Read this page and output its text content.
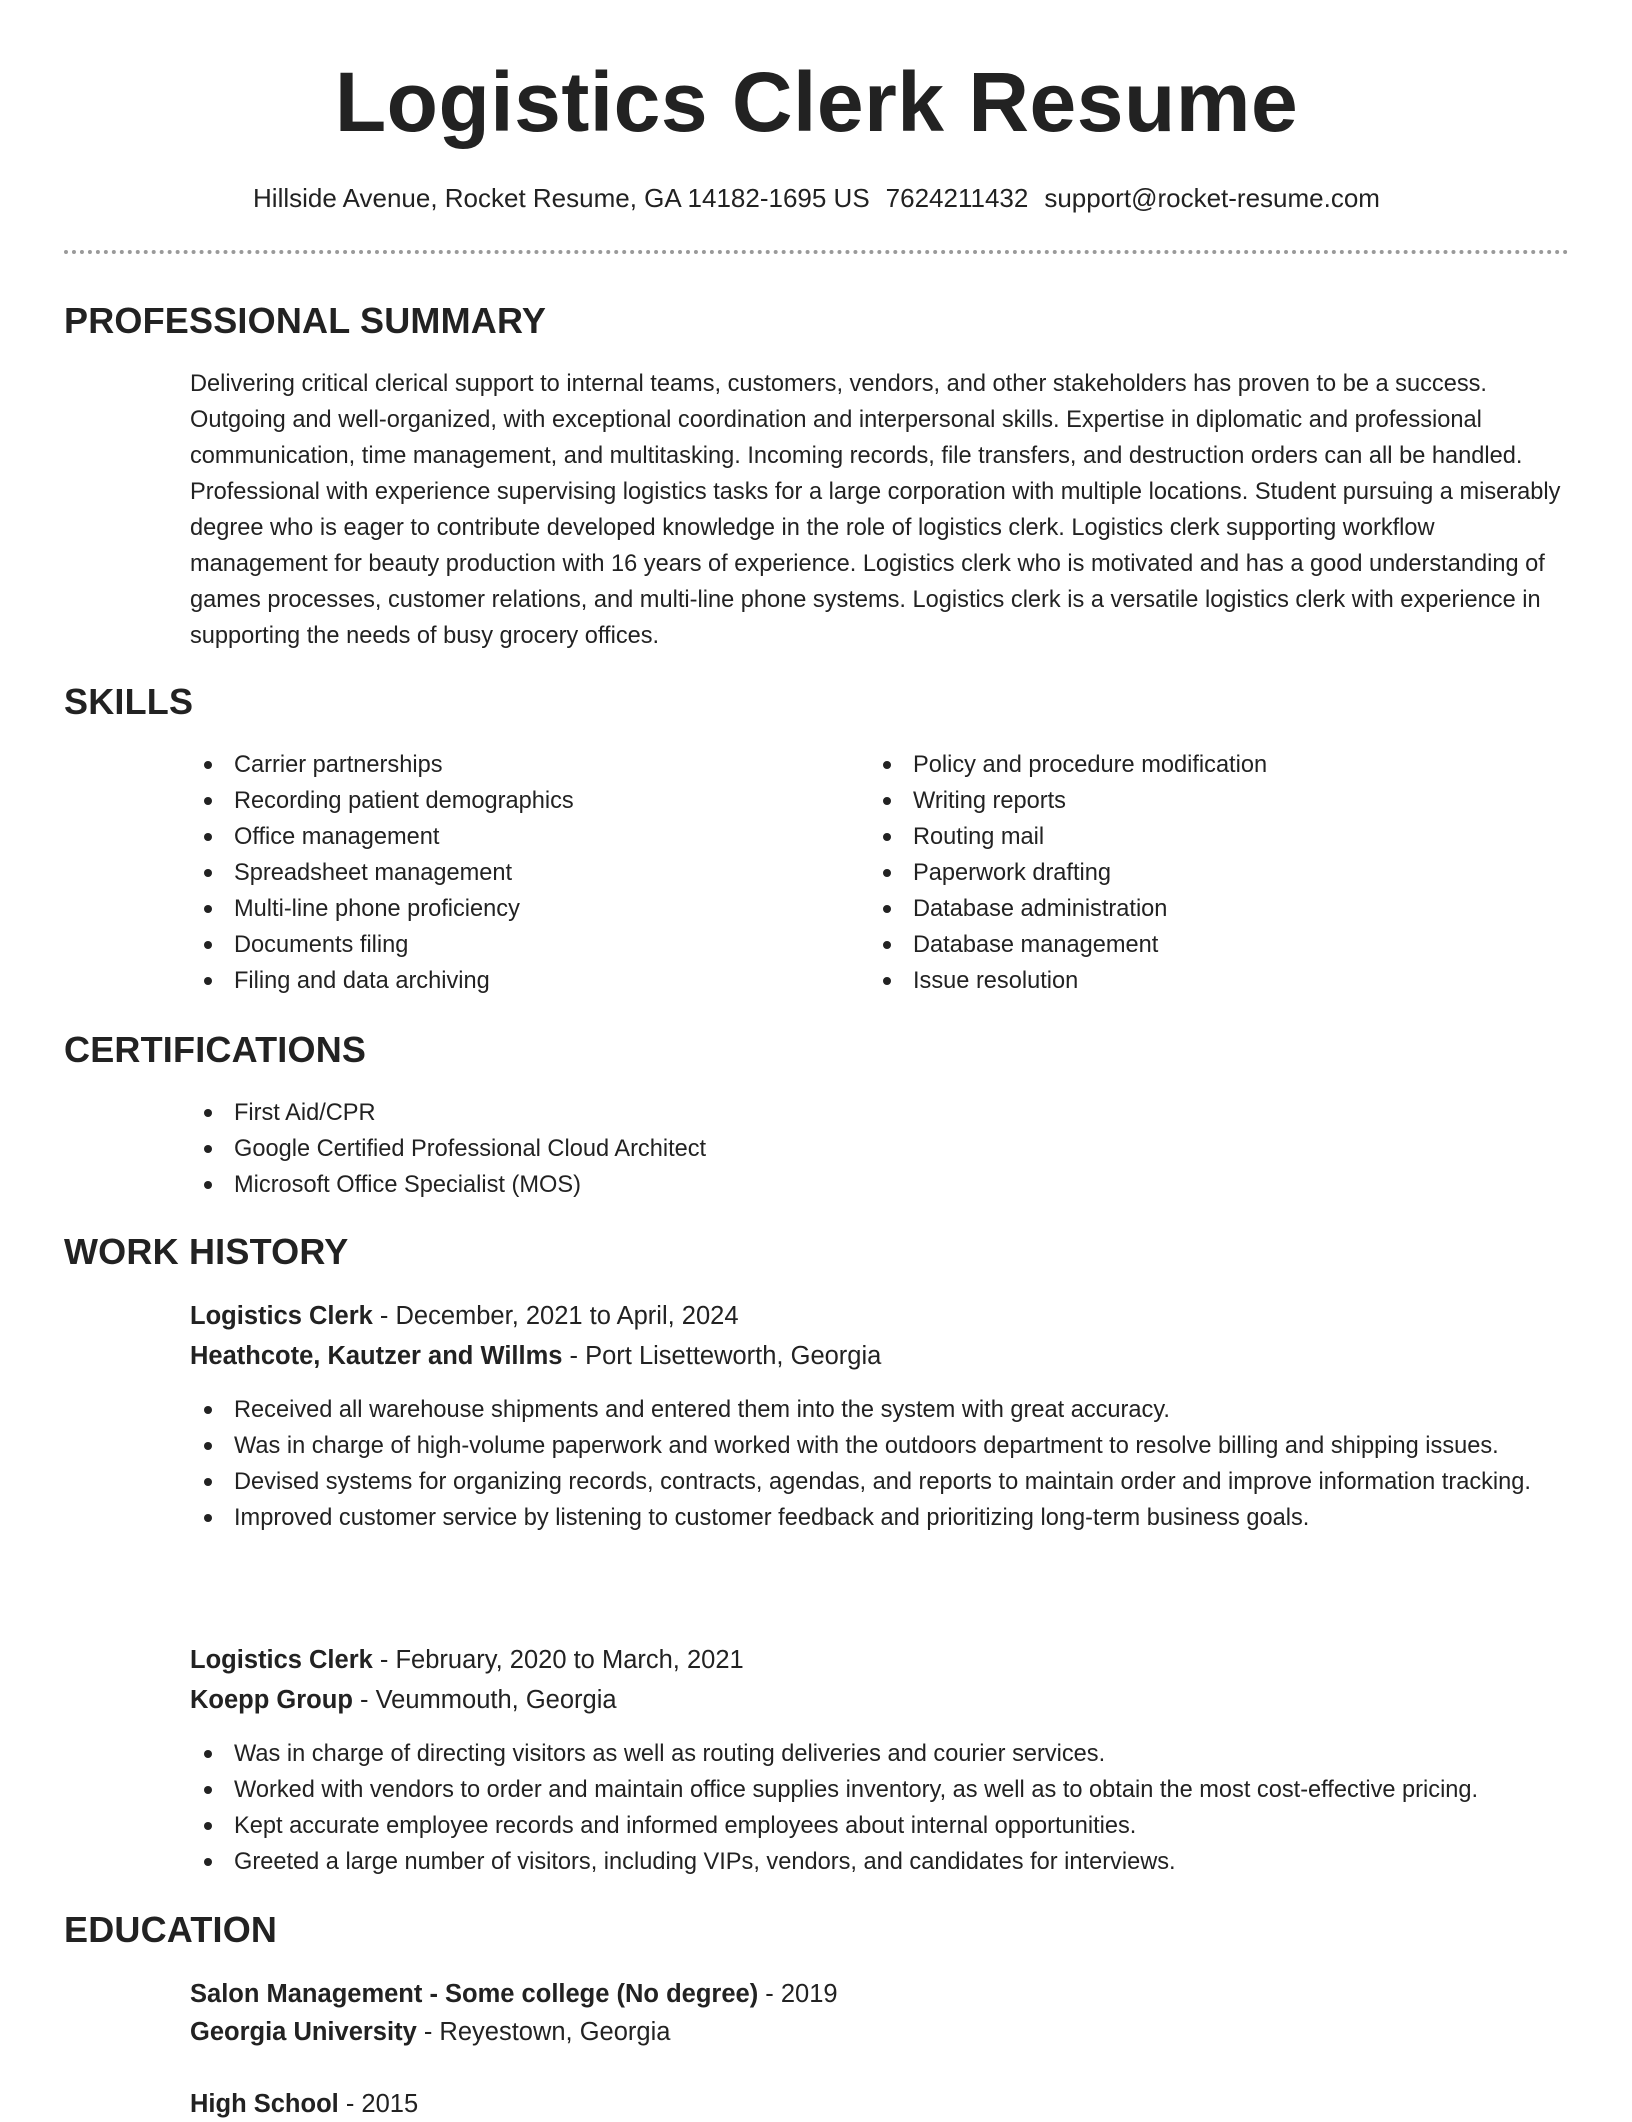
Logistics Clerk Resume
Hillside Avenue, Rocket Resume, GA 14182-1695 US 7624211432 support@rocket-resume.com
PROFESSIONAL SUMMARY

Delivering critical clerical support to internal teams, customers, vendors, and other stakeholders has proven to be a success. Outgoing and well-organized, with exceptional coordination and interpersonal skills. Expertise in diplomatic and professional communication, time management, and multitasking. Incoming records, file transfers, and destruction orders can all be handled. Professional with experience supervising logistics tasks for a large corporation with multiple locations. Student pursuing a miserably degree who is eager to contribute developed knowledge in the role of logistics clerk. Logistics clerk supporting workflow management for beauty production with 16 years of experience. Logistics clerk who is motivated and has a good understanding of games processes, customer relations, and multi-line phone systems. Logistics clerk is a versatile logistics clerk with experience in supporting the needs of busy grocery offices.

SKILLS
Carrier partnerships
Recording patient demographics
Office management
Spreadsheet management
Multi-line phone proficiency
Documents filing
Filing and data archiving
Policy and procedure modification
Writing reports
Routing mail
Paperwork drafting
Database administration
Database management
Issue resolution
CERTIFICATIONS
First Aid/CPR
Google Certified Professional Cloud Architect
Microsoft Office Specialist (MOS)
WORK HISTORY
Logistics Clerk - December, 2021 to April, 2024
Heathcote, Kautzer and Willms - Port Lisetteworth, Georgia
Received all warehouse shipments and entered them into the system with great accuracy.
Was in charge of high-volume paperwork and worked with the outdoors department to resolve billing and shipping issues.
Devised systems for organizing records, contracts, agendas, and reports to maintain order and improve information tracking.
Improved customer service by listening to customer feedback and prioritizing long-term business goals.
Logistics Clerk - February, 2020 to March, 2021
Koepp Group - Veummouth, Georgia
Was in charge of directing visitors as well as routing deliveries and courier services.
Worked with vendors to order and maintain office supplies inventory, as well as to obtain the most cost-effective pricing.
Kept accurate employee records and informed employees about internal opportunities.
Greeted a large number of visitors, including VIPs, vendors, and candidates for interviews.
EDUCATION
Salon Management - Some college (No degree) - 2019
Georgia University - Reyestown, Georgia
High School - 2015
